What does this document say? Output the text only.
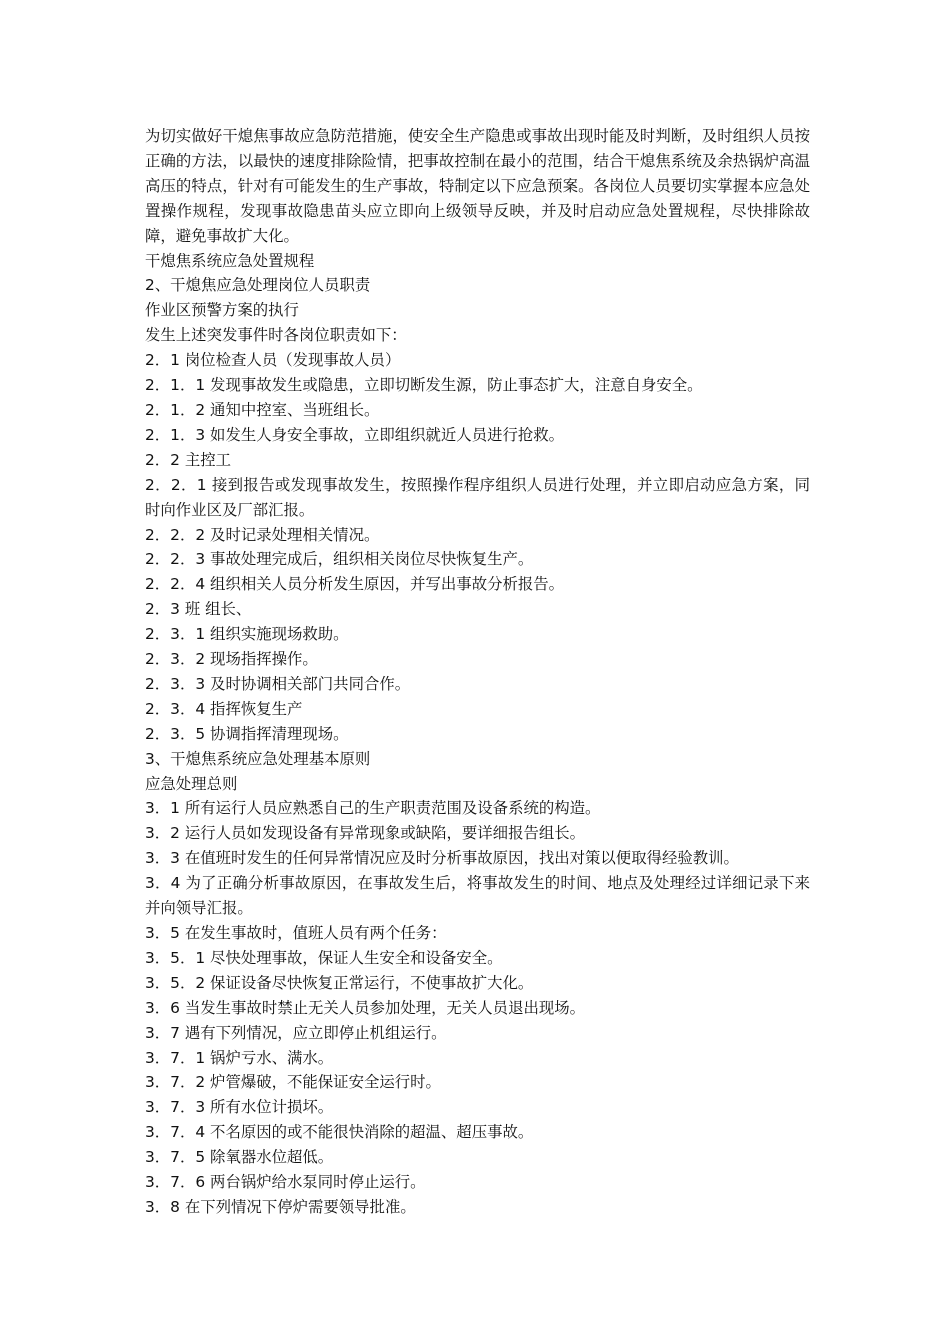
为切实做好干熄焦事故应急防范措施，使安全生产隐患或事故出现时能及时判断，及时组织人员按正确的方法，以最快的速度排除险情，把事故控制在最小的范围，结合干熄焦系统及余热锅炉高温高压的特点，针对有可能发生的生产事故，特制定以下应急预案。各岗位人员要切实掌握本应急处置操作规程，发现事故隐患苗头应立即向上级领导反映，并及时启动应急处置规程，尽快排除故障，避免事故扩大化。

干熄焦系统应急处置规程

2、干熄焦应急处理岗位人员职责

作业区预警方案的执行

发生上述突发事件时各岗位职责如下：

2．1 岗位检查人员（发现事故人员）

2．1．1 发现事故发生或隐患，立即切断发生源，防止事态扩大，注意自身安全。

2．1．2 通知中控室、当班组长。

2．1．3 如发生人身安全事故，立即组织就近人员进行抢救。

2．2 主控工

2．2．1 接到报告或发现事故发生，按照操作程序组织人员进行处理，并立即启动应急方案，同时向作业区及厂部汇报。

2．2．2 及时记录处理相关情况。

2．2．3 事故处理完成后，组织相关岗位尽快恢复生产。

2．2．4 组织相关人员分析发生原因，并写出事故分析报告。

2．3 班 组长、

2．3．1 组织实施现场救助。

2．3．2 现场指挥操作。

2．3．3 及时协调相关部门共同合作。

2．3．4 指挥恢复生产

2．3．5 协调指挥清理现场。

3、干熄焦系统应急处理基本原则

应急处理总则

3．1 所有运行人员应熟悉自己的生产职责范围及设备系统的构造。

3．2 运行人员如发现设备有异常现象或缺陷，要详细报告组长。

3．3 在值班时发生的任何异常情况应及时分析事故原因，找出对策以便取得经验教训。

3．4 为了正确分析事故原因，在事故发生后，将事故发生的时间、地点及处理经过详细记录下来并向领导汇报。

3．5 在发生事故时，值班人员有两个任务：

3．5．1 尽快处理事故，保证人生安全和设备安全。

3．5．2 保证设备尽快恢复正常运行，不使事故扩大化。

3．6 当发生事故时禁止无关人员参加处理，无关人员退出现场。

3．7 遇有下列情况，应立即停止机组运行。

3．7．1 锅炉亏水、满水。

3．7．2 炉管爆破，不能保证安全运行时。

3．7．3 所有水位计损坏。

3．7．4 不名原因的或不能很快消除的超温、超压事故。

3．7．5 除氧器水位超低。

3．7．6 两台锅炉给水泵同时停止运行。

3．8 在下列情况下停炉需要领导批准。
